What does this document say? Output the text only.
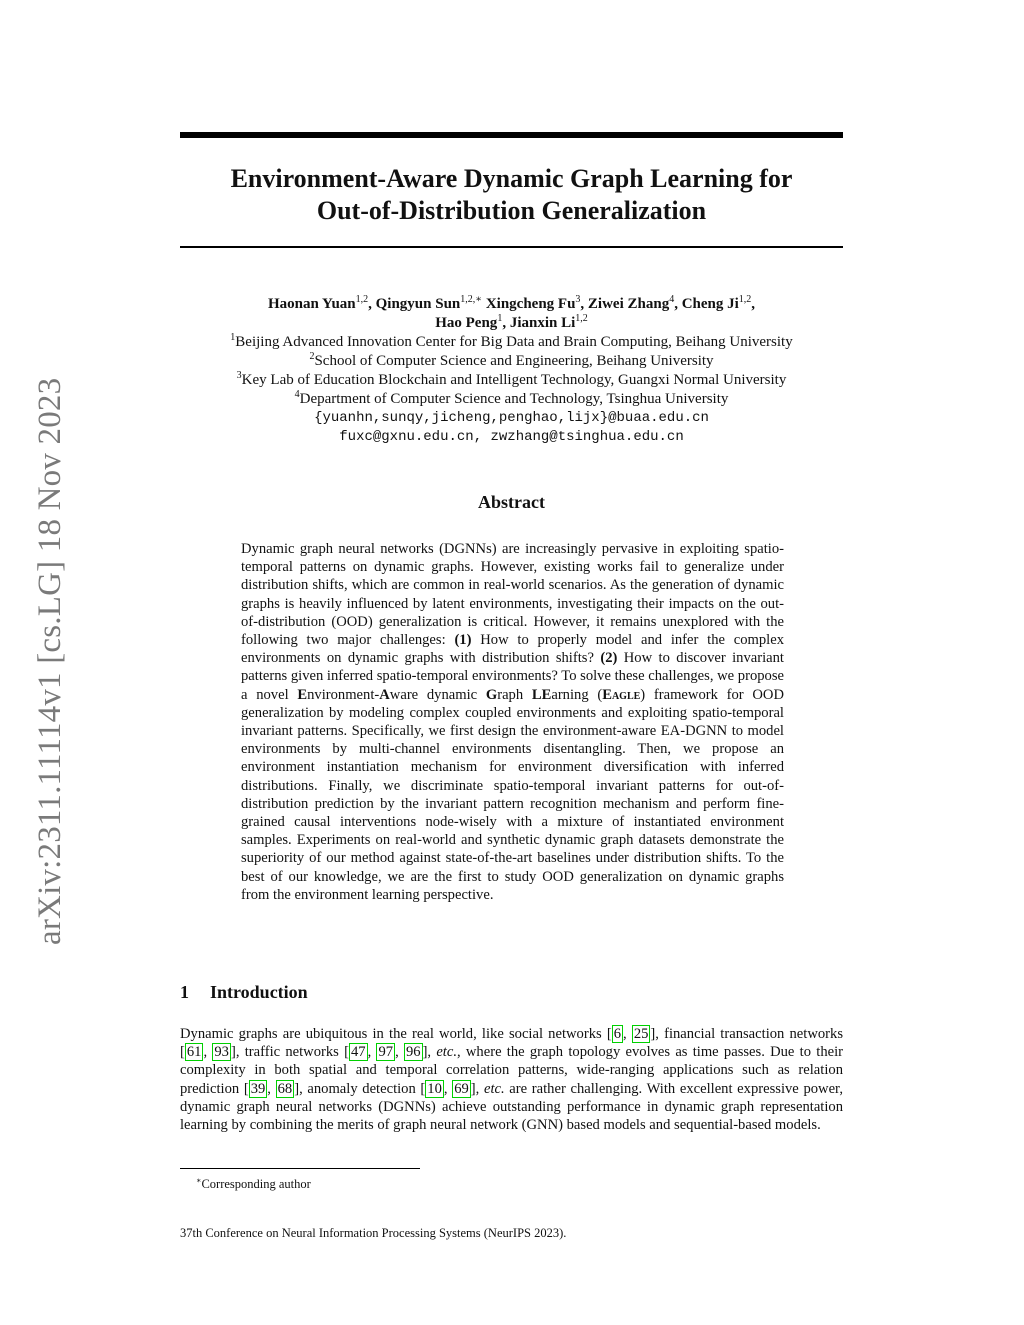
arXiv:2311.11114v1 [cs.LG] 18 Nov 2023
Environment-Aware Dynamic Graph Learning for
Out-of-Distribution Generalization
Haonan Yuan$^{1,2}$, Qingyun Sun$^{1,2,∗}$ Xingcheng Fu$^3$, Ziwei Zhang$^4$, Cheng Ji$^{1,2}$,
Hao Peng$^1$, Jianxin Li$^{1,2}$
$^1$Beijing Advanced Innovation Center for Big Data and Brain Computing, Beihang University
$^2$School of Computer Science and Engineering, Beihang University
$^3$Key Lab of Education Blockchain and Intelligent Technology, Guangxi Normal University
$^4$Department of Computer Science and Technology, Tsinghua University
{yuanhn,sunqy,jicheng,penghao,lijx}@buaa.edu.cn
fuxc@gxnu.edu.cn, zwzhang@tsinghua.edu.cn
Abstract

Dynamic graph neural networks (DGNNs) are increasingly pervasive in exploiting spatio-temporal patterns on dynamic graphs. However, existing works fail to generalize under distribution shifts, which are common in real-world scenarios. As the generation of dynamic graphs is heavily influenced by latent environments, investigating their impacts on the out-of-distribution (OOD) generalization is critical. However, it remains unexplored with the following two major challenges: (1) How to properly model and infer the complex environments on dynamic graphs with distribution shifts? (2) How to discover invariant patterns given inferred spatio-temporal environments? To solve these challenges, we propose a novel Environment-Aware dynamic Graph LEarning (Eagle) framework for OOD generalization by modeling complex coupled environments and exploiting spatio-temporal invariant patterns. Specifically, we first design the environment-aware EA-DGNN to model environments by multi-channel environments disentangling. Then, we propose an environment instantiation mechanism for environment diversification with inferred distributions. Finally, we discriminate spatio-temporal invariant patterns for out-of-distribution prediction by the invariant pattern recognition mechanism and perform fine-grained causal interventions node-wisely with a mixture of instantiated environment samples. Experiments on real-world and synthetic dynamic graph datasets demonstrate the superiority of our method against state-of-the-art baselines under distribution shifts. To the best of our knowledge, we are the first to study OOD generalization on dynamic graphs from the environment learning perspective.

1 Introduction

Dynamic graphs are ubiquitous in the real world, like social networks [ 6 , 25 ], financial transaction networks [ 61 , 93 ], traffic networks [ 47 , 97 , 96 ], etc., where the graph topology evolves as time passes. Due to their complexity in both spatial and temporal correlation patterns, wide-ranging applications such as relation prediction [ 39 , 68 ], anomaly detection [ 10 , 69 ], etc. are rather challenging. With excellent expressive power, dynamic graph neural networks (DGNNs) achieve outstanding performance in dynamic graph representation learning by combining the merits of graph neural network (GNN) based models and sequential-based models.

∗Corresponding author

37th Conference on Neural Information Processing Systems (NeurIPS 2023).
